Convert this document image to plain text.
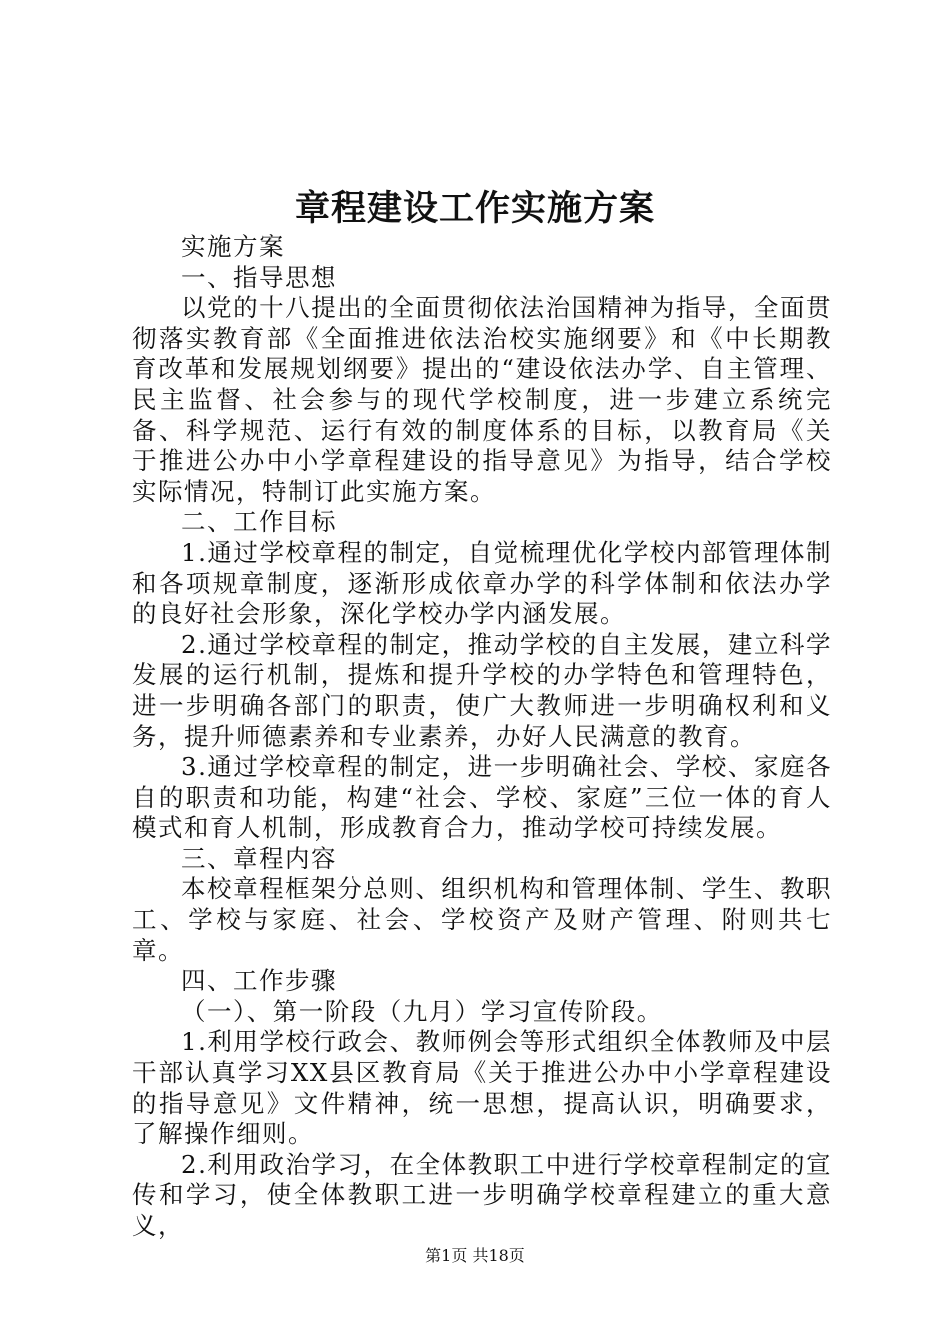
章程建设工作实施方案

实施方案

一、指导思想

以党的十八提出的全面贯彻依法治国精神为指导，全面贯彻落实教育部《全面推进依法治校实施纲要》和《中长期教育改革和发展规划纲要》提出的“建设依法办学、自主管理、民主监督、社会参与的现代学校制度，进一步建立系统完备、科学规范、运行有效的制度体系的目标，以教育局《关于推进公办中小学章程建设的指导意见》为指导，结合学校实际情况，特制订此实施方案。

二、工作目标

1.通过学校章程的制定，自觉梳理优化学校内部管理体制和各项规章制度，逐渐形成依章办学的科学体制和依法办学的良好社会形象，深化学校办学内涵发展。

2.通过学校章程的制定，推动学校的自主发展，建立科学发展的运行机制，提炼和提升学校的办学特色和管理特色，进一步明确各部门的职责，使广大教师进一步明确权利和义务，提升师德素养和专业素养，办好人民满意的教育。

3.通过学校章程的制定，进一步明确社会、学校、家庭各自的职责和功能，构建“社会、学校、家庭”三位一体的育人模式和育人机制，形成教育合力，推动学校可持续发展。

三、章程内容

本校章程框架分总则、组织机构和管理体制、学生、教职工、学校与家庭、社会、学校资产及财产管理、附则共七章。

四、工作步骤

（一）、第一阶段（九月）学习宣传阶段。

1.利用学校行政会、教师例会等形式组织全体教师及中层干部认真学习XX县区教育局《关于推进公办中小学章程建设的指导意见》文件精神，统一思想，提高认识，明确要求，了解操作细则。

2.利用政治学习，在全体教职工中进行学校章程制定的宣传和学习，使全体教职工进一步明确学校章程建立的重大意义，

第1页 共18页
